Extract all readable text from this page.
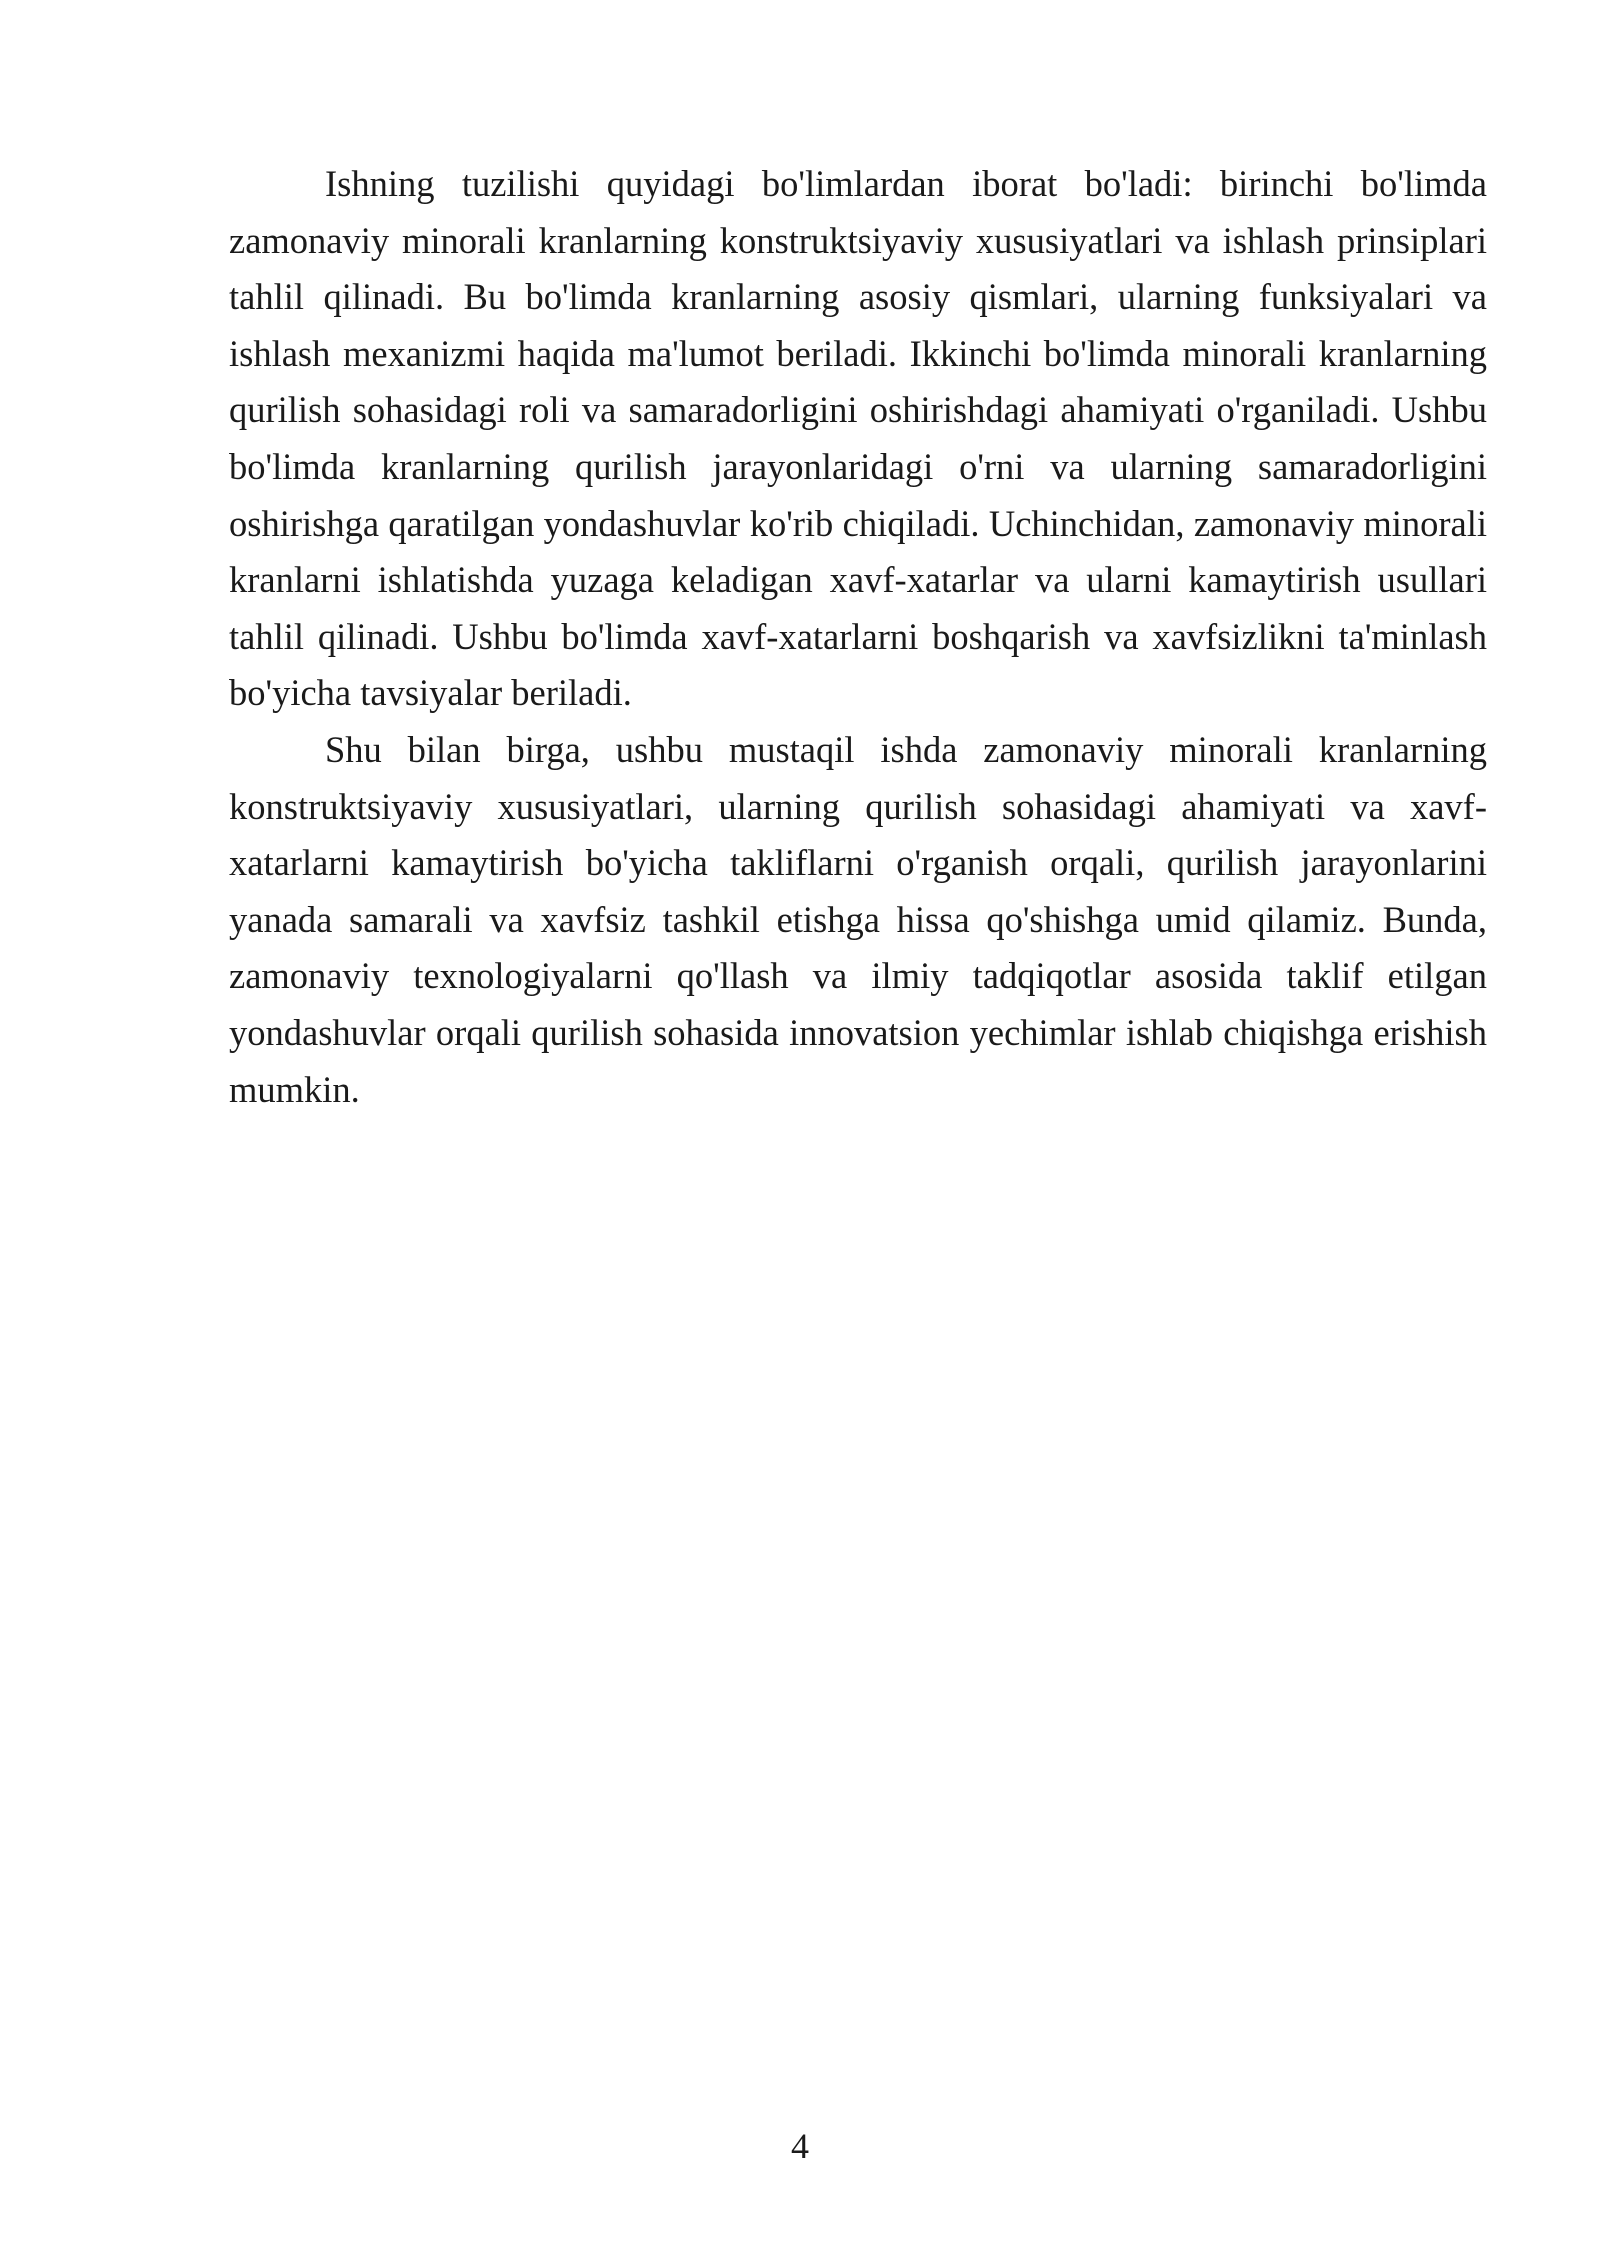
Ishning tuzilishi quyidagi bo'limlardan iborat bo'ladi: birinchi bo'limda zamonaviy minorali kranlarning konstruktsiyaviy xususiyatlari va ishlash prinsiplari tahlil qilinadi. Bu bo'limda kranlarning asosiy qismlari, ularning funksiyalari va ishlash mexanizmi haqida ma'lumot beriladi. Ikkinchi bo'limda minorali kranlarning qurilish sohasidagi roli va samaradorligini oshirishdagi ahamiyati o'rganiladi. Ushbu bo'limda kranlarning qurilish jarayonlaridagi o'rni va ularning samaradorligini oshirishga qaratilgan yondashuvlar ko'rib chiqiladi. Uchinchidan, zamonaviy minorali kranlarni ishlatishda yuzaga keladigan xavf-xatarlar va ularni kamaytirish usullari tahlil qilinadi. Ushbu bo'limda xavf-xatarlarni boshqarish va xavfsizlikni ta'minlash bo'yicha tavsiyalar beriladi.

Shu bilan birga, ushbu mustaqil ishda zamonaviy minorali kranlarning konstruktsiyaviy xususiyatlari, ularning qurilish sohasidagi ahamiyati va xavf-xatarlarni kamaytirish bo'yicha takliflarni o'rganish orqali, qurilish jarayonlarini yanada samarali va xavfsiz tashkil etishga hissa qo'shishga umid qilamiz. Bunda, zamonaviy texnologiyalarni qo'llash va ilmiy tadqiqotlar asosida taklif etilgan yondashuvlar orqali qurilish sohasida innovatsion yechimlar ishlab chiqishga erishish mumkin.

4
